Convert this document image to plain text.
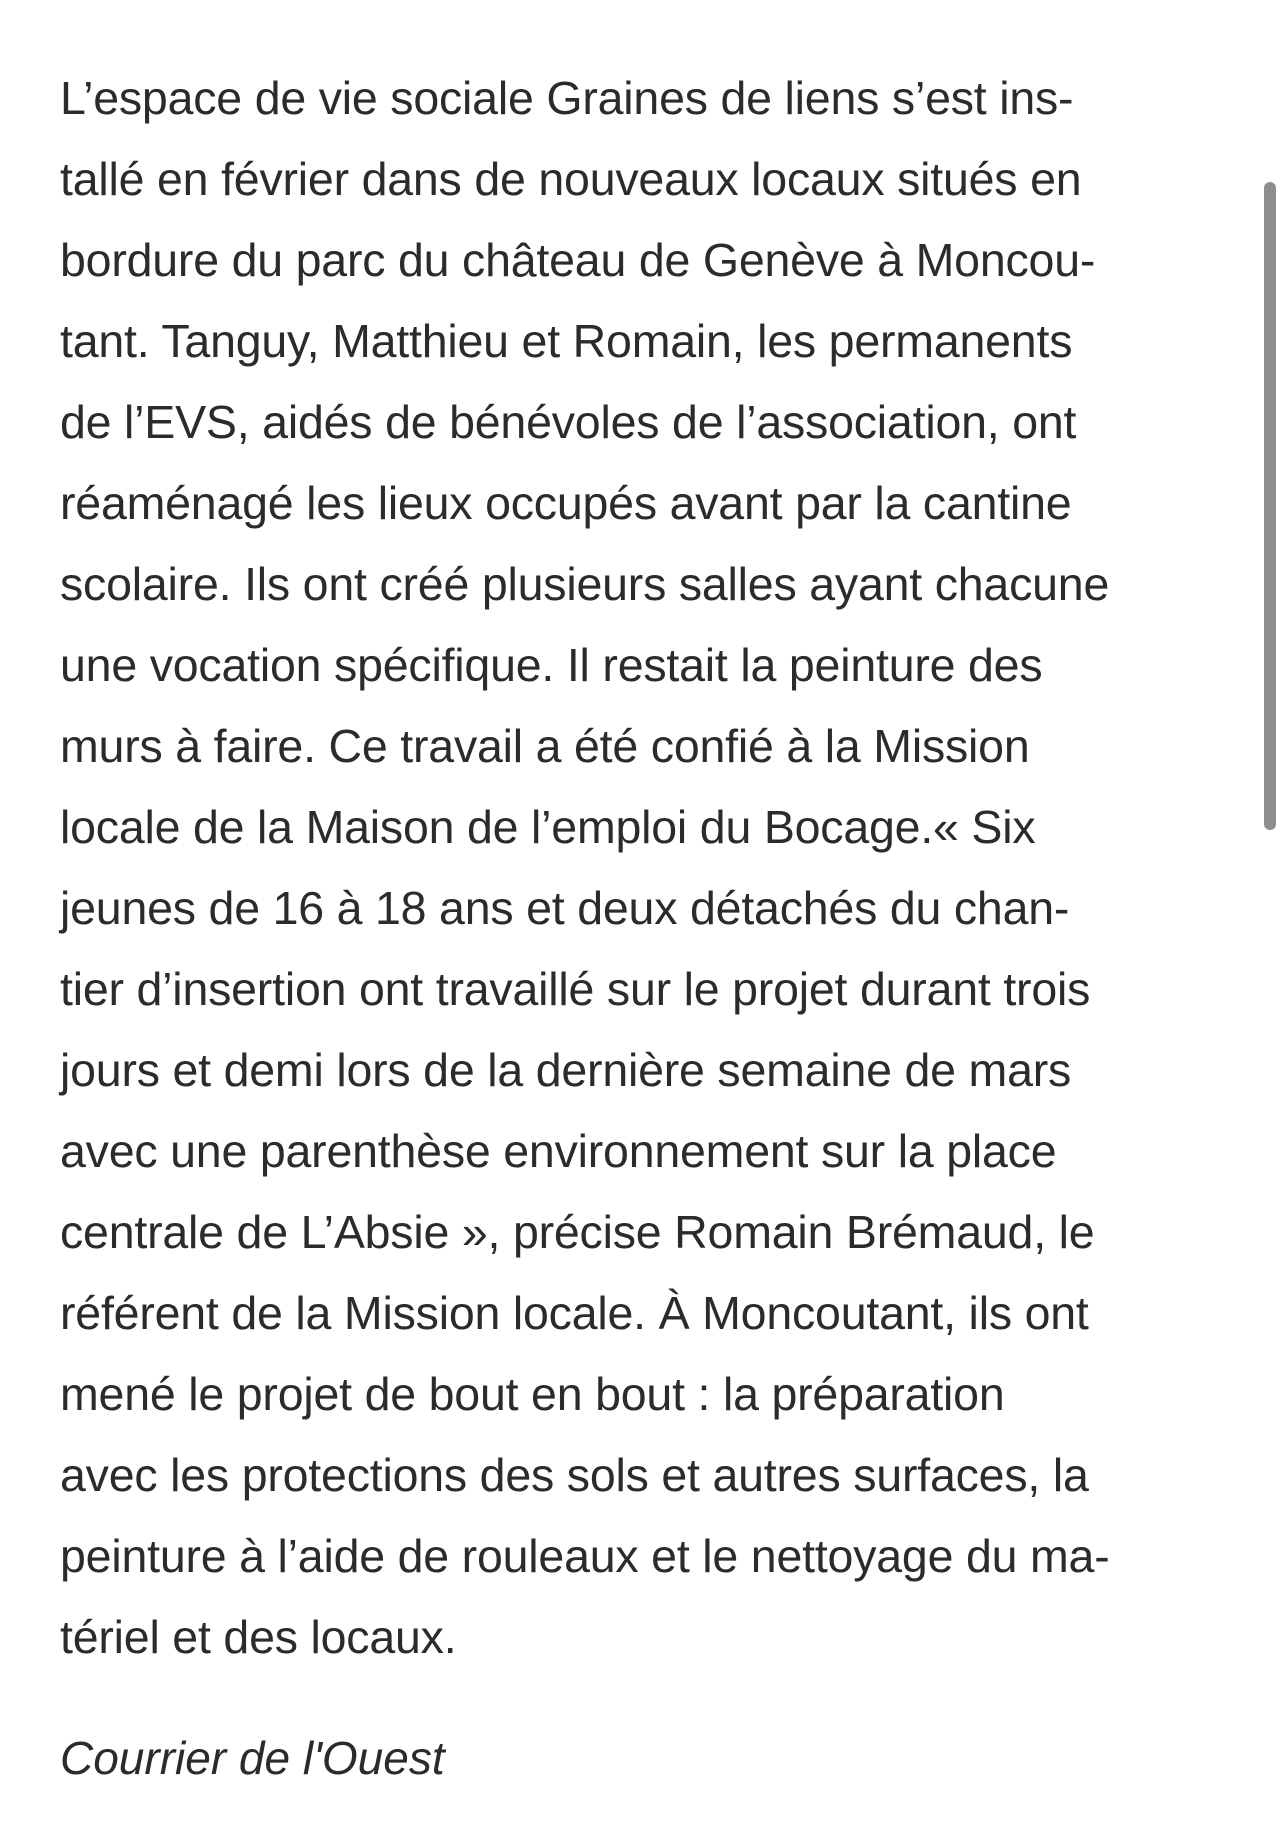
L’espace de vie sociale Graines de liens s’est ins-
tallé en février dans de nouveaux locaux situés en
bordure du parc du château de Genève à Moncou-
tant. Tanguy, Matthieu et Romain, les permanents
de l’EVS, aidés de bénévoles de l’association, ont
réaménagé les lieux occupés avant par la cantine
scolaire. Ils ont créé plusieurs salles ayant chacune
une vocation spécifique. Il restait la peinture des
murs à faire. Ce travail a été confié à la Mission
locale de la Maison de l’emploi du Bocage.« Six
jeunes de 16 à 18 ans et deux détachés du chan-
tier d’insertion ont travaillé sur le projet durant trois
jours et demi lors de la dernière semaine de mars
avec une parenthèse environnement sur la place
centrale de L’Absie », précise Romain Brémaud, le
référent de la Mission locale. À Moncoutant, ils ont
mené le projet de bout en bout : la préparation
avec les protections des sols et autres surfaces, la
peinture à l’aide de rouleaux et le nettoyage du ma-
tériel et des locaux.

Courrier de l'Ouest
